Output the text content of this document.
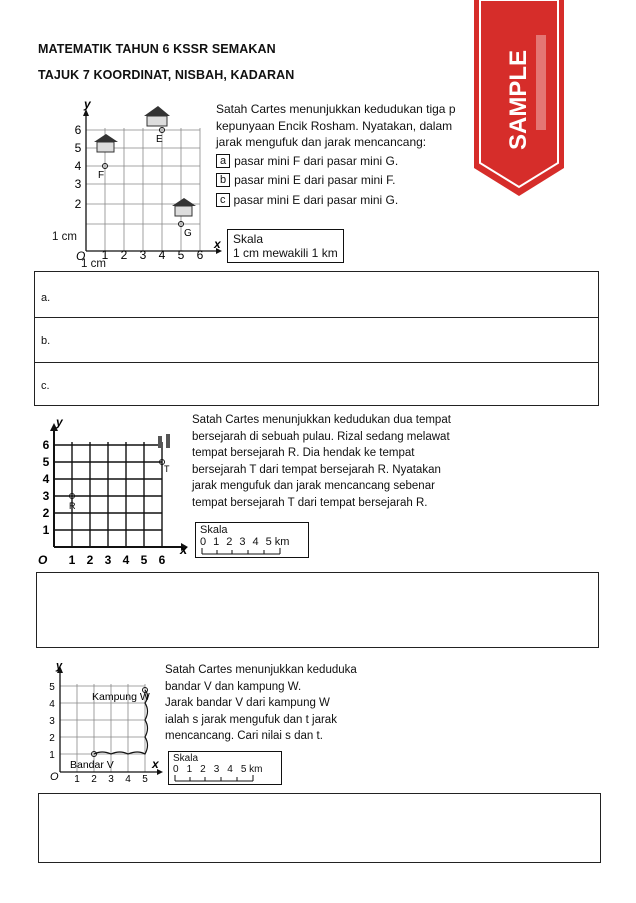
MATEMATIK TAHUN 6 KSSR SEMAKAN
TAJUK 7 KOORDINAT, NISBAH, KADARAN	SAMPLE
y
x
O 1 2 3 4 5 6
6
5
4
3
2
E
F
G
1 cm
1 cm
Satah Cartes menunjukkan kedudukan tiga p
kepunyaan Encik Rosham. Nyatakan, dalam
jarak mengufuk dan jarak mencancang:
a pasar mini F dari pasar mini G.
b pasar mini E dari pasar mini F.
c pasar mini E dari pasar mini G.
Skala
1 cm mewakili 1 km
a.
b.
c.
y
x
O 1 2 3 4 5 6
6
5
4
3
2
1
R
T
Satah Cartes menunjukkan kedudukan dua tempat
bersejarah di sebuah pulau. Rizal sedang melawat
tempat bersejarah R. Dia hendak ke tempat
bersejarah T dari tempat bersejarah R. Nyatakan
jarak mengufuk dan jarak mencancang sebenar
tempat bersejarah T dari tempat bersejarah R.
Skala
0 1 2 3 4 5 km
y
x
O 1 2 3 4 5
5
4
3
2
1
Kampung W
Bandar V
Satah Cartes menunjukkan keduduka
bandar V dan kampung W.
Jarak bandar V dari kampung W
ialah s jarak mengufuk dan t jarak
mencancang. Cari nilai s dan t.
Skala
0 1 2 3 4 5 km
